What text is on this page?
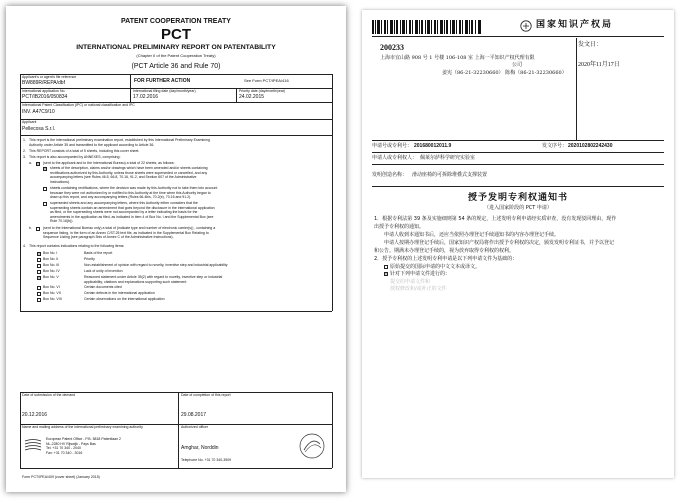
PATENT COOPERATION TREATY
PCT
INTERNATIONAL PRELIMINARY REPORT ON PATENTABILITY
(Chapter II of the Patent Cooperation Treaty)
(PCT Article 36 and Rule 70)
Applicant's or agent's file reference
BW889R/REPA/dbf	FOR FURTHER ACTION	See Form PCT/IPEA/416
International application No.
PCT/IB2016/050834
International filing date (day/month/year)
17.02.2016
Priority date (day/month/year)
24.02.2015
International Patent Classification (IPC) or national classification and IPC
INV. A47C9/10
Applicant
Pellecosa S.r.l.
1. This report is the international preliminary examination report, established by this International Preliminary Examining
Authority under Article 35 and transmitted to the applicant according to Article 36.
2. This REPORT consists of a total of 5 sheets, including this cover sheet.
3. This report is also accompanied by ANNEXES, comprising:
a. × (sent to the applicant and to the International Bureau) a total of 22 sheets, as follows:
× sheets of the description, claims and/or drawings which have been amended and/or sheets containing
rectifications authorized by this Authority, unless those sheets were superseded or cancelled, and any
accompanying letters (see Rules 46.5, 66.8, 70.16, 91.2, and Section 607 of the Administrative
Instructions).
sheets containing rectifications, where the decision was made by this Authority not to take them into account
because they were not authorized by or notified to this Authority at the time when this Authority began to
draw up this report, and any accompanying letters (Rules 66.4bis, 70.2(e), 70.16 and 91.2).
superseded sheets and any accompanying letters, where this Authority either considers that the
superseding sheets contain an amendment that goes beyond the disclosure in the international application
as filed, or the superseding sheets were not accompanied by a letter indicating the basis for the
amendments in the application as filed, as indicated in item 4 of Box No. I and the Supplemental Box (see
Rule 70.16(b)).
b.	(sent to the International Bureau only) a total of (indicate type and number of electronic carrier(s)) , containing a
sequence listing, in the form of an Annex C/ST.25 text file, as indicated in the Supplemental Box Relating to
Sequence Listing (see paragraph 3bis of Annex C of the Administrative Instructions).
4. This report contains indications relating to the following items:
× Box No. I	Basis of the report
Box No. II	Priority
Box No. III	Non-establishment of opinion with regard to novelty, inventive step and industrial applicability
Box No. IV	Lack of unity of invention
× Box No. V	Reasoned statement under Article 35(2) with regard to novelty, inventive step or industrial
applicability; citations and explanations supporting such statement
Box No. VI	Certain documents cited
Box No. VII	Certain defects in the international application
Box No. VIII	Certain observations on the international application
Date of submission of the demand
20.12.2016
Date of completion of this report
29.08.2017
Name and mailing address of the international preliminary examining authority
European Patent Office - P.B. 5818 Patentlaan 2
NL-2280 HV Rijswijk - Pays Bas
Tel. +31 70 340 - 2040
Fax: +31 70 340 - 3016
Authorized officer
Amghar, Norddin
Telephone No. +31 70 340-3909
Form PCT/IPEA/409 (cover sheet) (January 2015)
国家知识产权局
200233
上海市宜山路 908 号 1 号楼 106-108 室 上海一平知识产权代理有限
公司
姜宪（86-21-32230660） 陈梅（86-21-32230660）
发文日：
2020年11月17日
申请号或专利号： 201680012011.9	发文序号： 2020102802242430
申请人或专利权人： 佩莱尔萨科学研究实验室
发明创造名称： 滑动座椅的可拆除堆叠式支撑装置
授予发明专利权通知书
（进入国家阶段的 PCT 申请）
1．根据专利法第 39 条及实施细则第 54 条的规定，上述发明专利申请经实质审查，没有发现驳回理由，现作
出授予专利权的通知。
申请人收到本通知书后，还应当依照办理登记手续通知书的内容办理登记手续。
申请人按期办理登记手续后，国家知识产权局将作出授予专利权的决定，颁发发明专利证书，并予以登记
和公告。期满未办理登记手续的，视为放弃取得专利权的权利。
2．授予专利权的上述发明专利申请是以下列申请文件为基础的：
原始提交的国际申请的中文文本或译文。
× 针对下列申请文件进行的：
提交的申请文件和
授权修改和/或补正的文件
